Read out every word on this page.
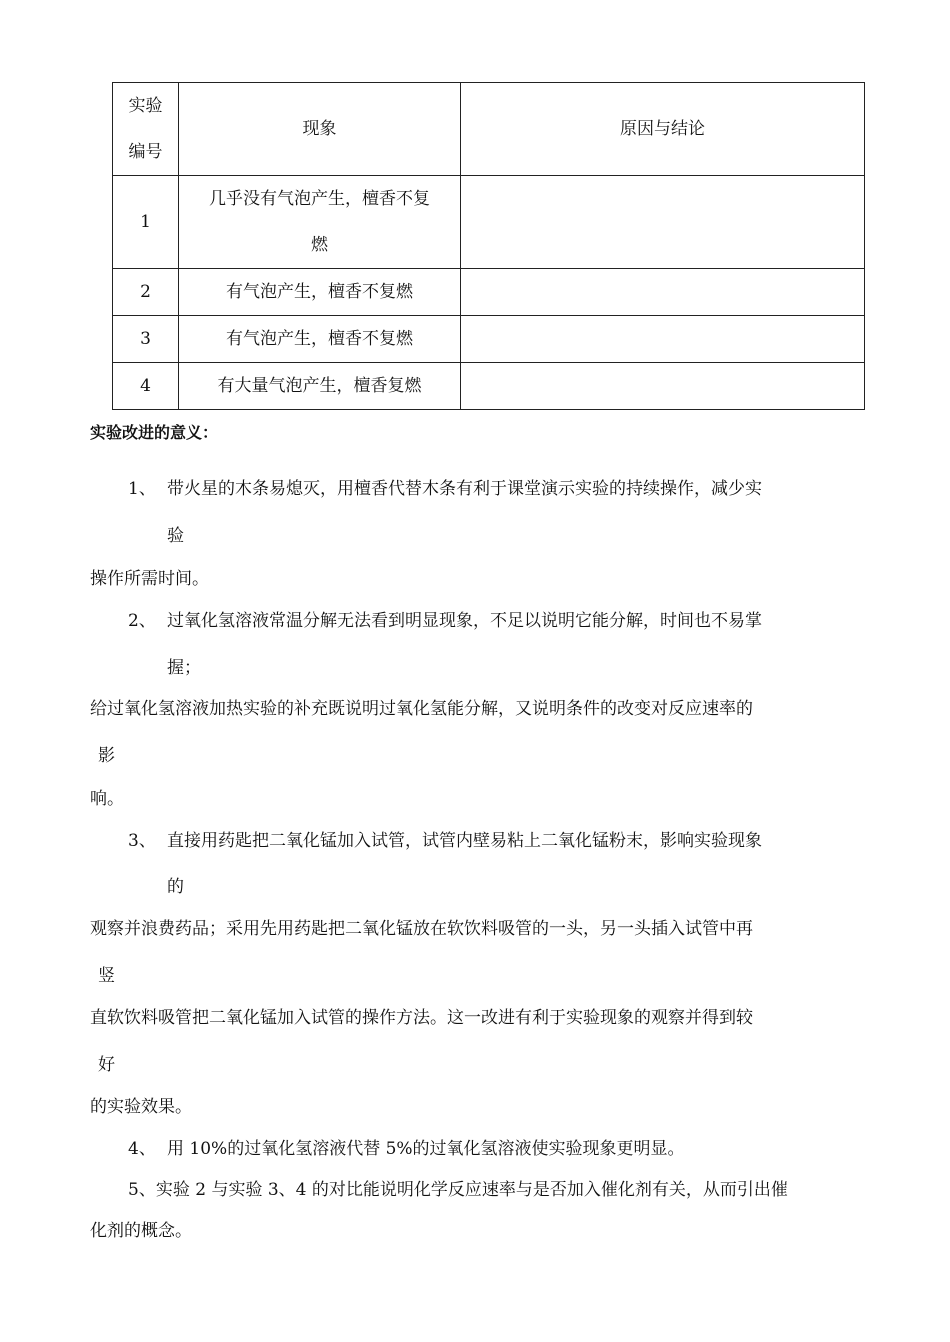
实验
编号	现象	原因与结论
1	几乎没有气泡产生，檀香不复
燃	

2	有气泡产生，檀香不复燃	
3	有气泡产生，檀香不复燃	
4	有大量气泡产生，檀香复燃	
实验改进的意义：
1、 带火星的木条易熄灭，用檀香代替木条有利于课堂演示实验的持续操作，减少实
验
操作所需时间。
2、 过氧化氢溶液常温分解无法看到明显现象，不足以说明它能分解，时间也不易掌
握；
给过氧化氢溶液加热实验的补充既说明过氧化氢能分解，又说明条件的改变对反应速率的
影
响。
3、 直接用药匙把二氧化锰加入试管，试管内壁易粘上二氧化锰粉末，影响实验现象
的
观察并浪费药品；采用先用药匙把二氧化锰放在软饮料吸管的一头，另一头插入试管中再
竖
直软饮料吸管把二氧化锰加入试管的操作方法。这一改进有利于实验现象的观察并得到较
好
的实验效果。
4、 用 10%的过氧化氢溶液代替 5%的过氧化氢溶液使实验现象更明显。
5、实验 2 与实验 3、4 的对比能说明化学反应速率与是否加入催化剂有关，从而引出催
化剂的概念。
